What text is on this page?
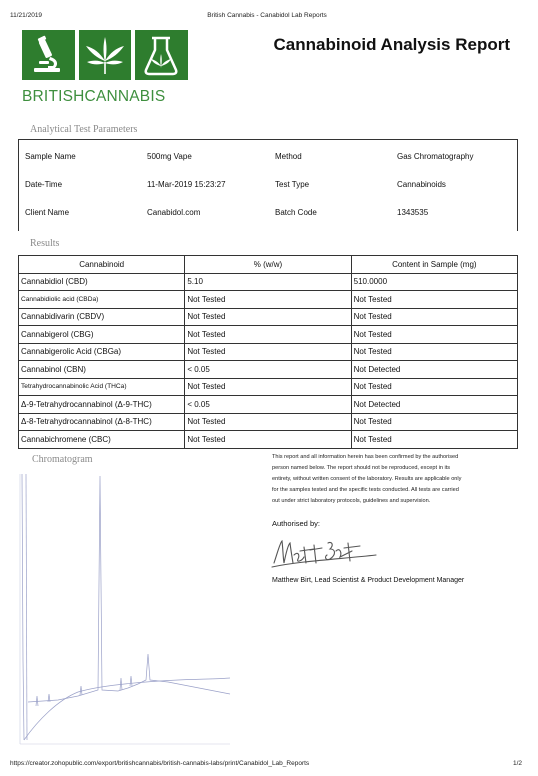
11/21/2019	British Cannabis - Canabidol Lab Reports
BRITISHCANNABIS
Cannabinoid Analysis Report
Analytical Test Parameters
Sample Name	500mg Vape	Method	Gas Chromatography
Date-Time	11-Mar-2019 15:23:27	Test Type	Cannabinoids
Client Name	Canabidol.com	Batch Code	1343535
Results
Cannabinoid	% (w/w)	Content in Sample (mg)
Cannabidiol (CBD)	5.10	510.0000
Cannabidiolic acid (CBDa)	Not Tested	Not Tested
Cannabidivarin (CBDV)	Not Tested	Not Tested
Cannabigerol (CBG)	Not Tested	Not Tested
Cannabigerolic Acid (CBGa)	Not Tested	Not Tested
Cannabinol (CBN)	< 0.05	Not Detected
Tetrahydrocannabinolic Acid (THCa)	Not Tested	Not Tested
Δ-9-Tetrahydrocannabinol (Δ-9-THC)	< 0.05	Not Detected
Δ-8-Tetrahydrocannabinol (Δ-8-THC)	Not Tested	Not Tested
Cannabichromene (CBC)	Not Tested	Not Tested
Chromatogram	This report and all information herein has been confirmed by the authorised
person named below. The report should not be reproduced, except in its
entirety, without written consent of the laboratory. Results are applicable only
for the samples tested and the specific tests conducted. All tests are carried
out under strict laboratory protocols, guidelines and supervision.
Authorised by:
Matthew Birt, Lead Scientist & Product Development Manager
https://creator.zohopublic.com/export/britishcannabis/british-cannabis-labs/print/Canabidol_Lab_Reports	1/2
